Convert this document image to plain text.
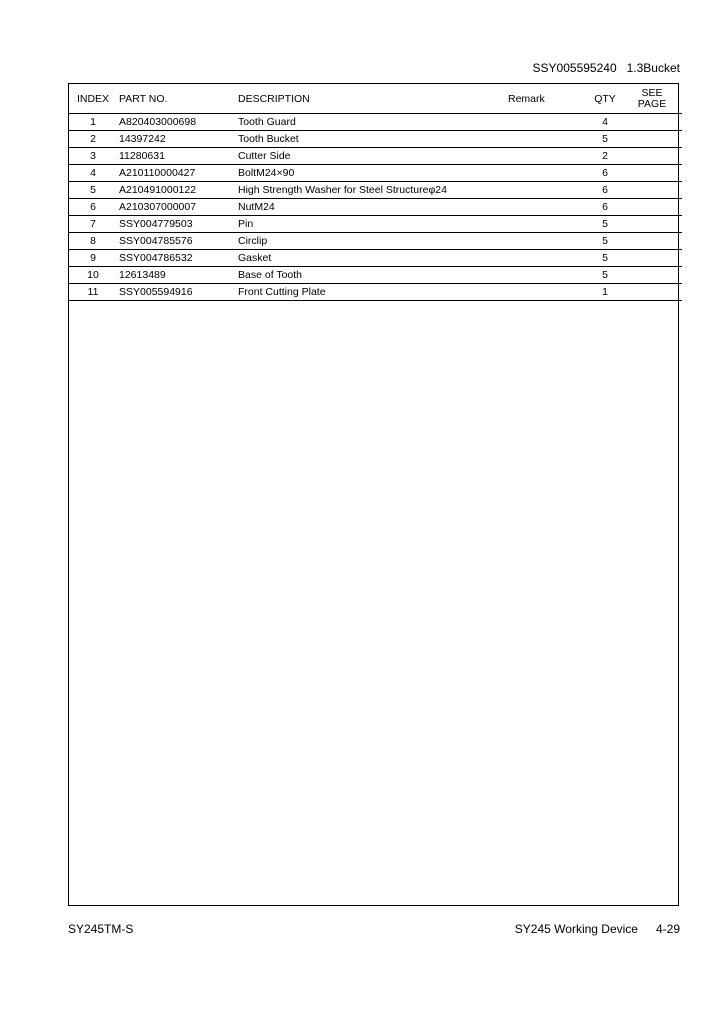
SSY005595240 1.3Bucket
INDEX	PART NO.	DESCRIPTION	Remark	QTY	SEE
PAGE
1	A820403000698	Tooth Guard		4	
2	14397242	Tooth Bucket		5	
3	11280631	Cutter Side		2	
4	A210110000427	BoltM24×90		6	
5	A210491000122	High Strength Washer for Steel Structureφ24		6	
6	A210307000007	NutM24		6	
7	SSY004779503	Pin		5	
8	SSY004785576	Circlip		5	
9	SSY004786532	Gasket		5	
10	12613489	Base of Tooth		5	
11	SSY005594916	Front Cutting Plate		1	
SY245TM-S	SY245 Working Device 4-29
